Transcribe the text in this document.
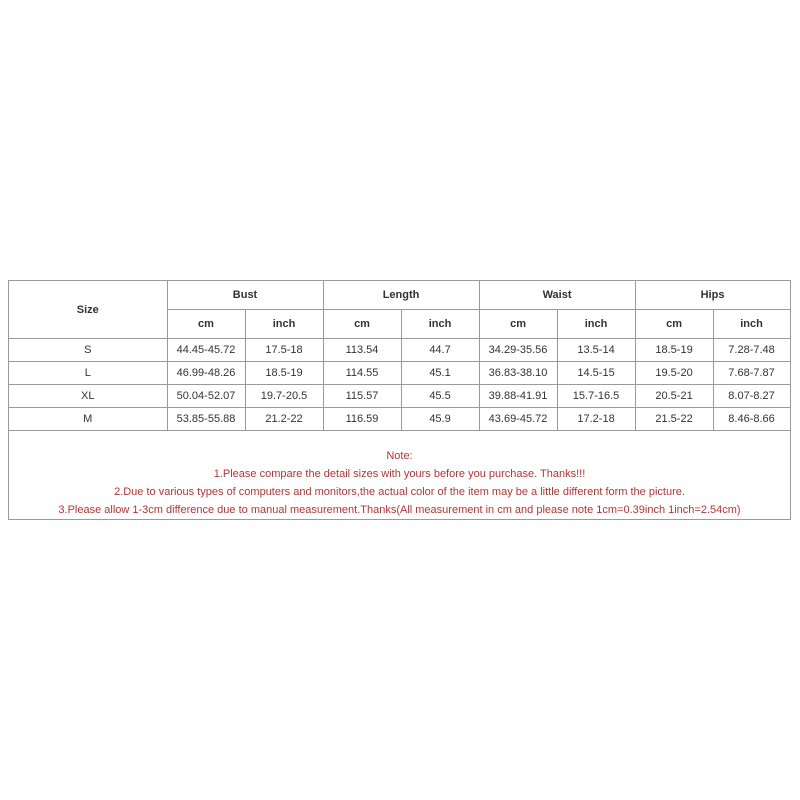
Size	Bust		Length		Waist		Hips	
	cm	inch	cm	inch	cm	inch	cm	inch
S	44.45-45.72	17.5-18	113.54	44.7	34.29-35.56	13.5-14	18.5-19	7.28-7.48
L	46.99-48.26	18.5-19	114.55	45.1	36.83-38.10	14.5-15	19.5-20	7.68-7.87
XL	50.04-52.07	19.7-20.5	115.57	45.5	39.88-41.91	15.7-16.5	20.5-21	8.07-8.27
M	53.85-55.88	21.2-22	116.59	45.9	43.69-45.72	17.2-18	21.5-22	8.46-8.66
Note:
1.Please compare the detail sizes with yours before you purchase. Thanks!!!
2.Due to various types of computers and monitors,the actual color of the item may be a little different form the picture.
3.Please allow 1-3cm difference due to manual measurement.Thanks(All measurement in cm and please note 1cm=0.39inch 1inch=2.54cm)
